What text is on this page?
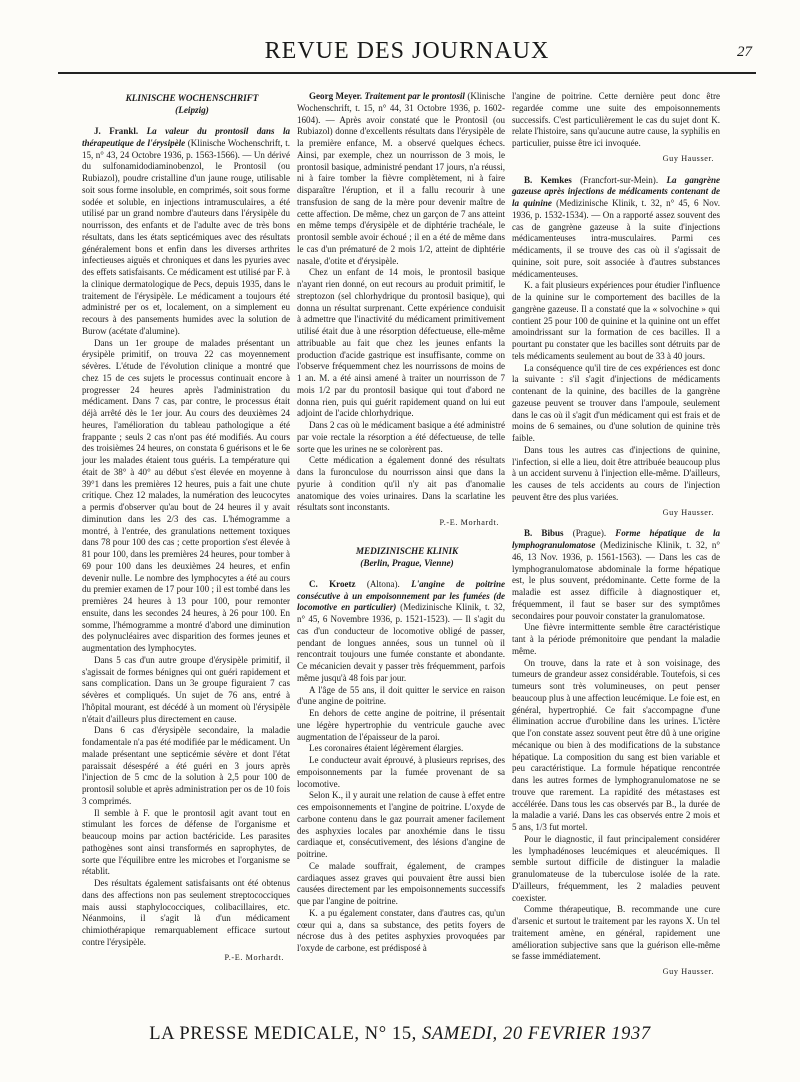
REVUE DES JOURNAUX	27

KLINISCHE WOCHENSCHRIFT

(Leipzig)

J. Frankl. La valeur du prontosil dans la thérapeutique de l'érysipèle (Klinische Wochenschrift, t. 15, n° 43, 24 Octobre 1936, p. 1563-1566). — Un dérivé du sulfonamidodiaminobenzol, le Prontosil (ou Rubiazol), poudre cristalline d'un jaune rouge, utilisable soit sous forme insoluble, en comprimés, soit sous forme sodée et soluble, en injections intramusculaires, a été utilisé par un grand nombre d'auteurs dans l'érysipèle du nourrisson, des enfants et de l'adulte avec de très bons résultats, dans les états septicémiques avec des résultats généralement bons et enfin dans les diverses arthrites infectieuses aiguës et chroniques et dans les pyuries avec des effets satisfaisants. Ce médicament est utilisé par F. à la clinique dermatologique de Pecs, depuis 1935, dans le traitement de l'érysipèle. Le médicament a toujours été administré per os et, localement, on a simplement eu recours à des pansements humides avec la solution de Burow (acétate d'alumine).

Dans un 1er groupe de malades présentant un érysipèle primitif, on trouva 22 cas moyennement sévères. L'étude de l'évolution clinique a montré que chez 15 de ces sujets le processus continuait encore à progresser 24 heures après l'administration du médicament. Dans 7 cas, par contre, le processus était déjà arrêté dès le 1er jour. Au cours des deuxièmes 24 heures, l'amélioration du tableau pathologique a été frappante ; seuls 2 cas n'ont pas été modifiés. Au cours des troisièmes 24 heures, on constata 6 guérisons et le 6e jour les malades étaient tous guéris. La température qui était de 38° à 40° au début s'est élevée en moyenne à 39°1 dans les premières 12 heures, puis a fait une chute critique. Chez 12 malades, la numération des leucocytes a permis d'observer qu'au bout de 24 heures il y avait diminution dans les 2/3 des cas. L'hémogramme a montré, à l'entrée, des granulations nettement toxiques dans 78 pour 100 des cas ; cette proportion s'est élevée à 81 pour 100, dans les premières 24 heures, pour tomber à 69 pour 100 dans les deuxièmes 24 heures, et enfin devenir nulle. Le nombre des lymphocytes a été au cours du premier examen de 17 pour 100 ; il est tombé dans les premières 24 heures à 13 pour 100, pour remonter ensuite, dans les secondes 24 heures, à 26 pour 100. En somme, l'hémogramme a montré d'abord une diminution des polynucléaires avec disparition des formes jeunes et augmentation des lymphocytes.

Dans 5 cas d'un autre groupe d'érysipèle primitif, il s'agissait de formes bénignes qui ont guéri rapidement et sans complication. Dans un 3e groupe figuraient 7 cas sévères et compliqués. Un sujet de 76 ans, entré à l'hôpital mourant, est décédé à un moment où l'érysipèle n'était d'ailleurs plus directement en cause.

Dans 6 cas d'érysipèle secondaire, la maladie fondamentale n'a pas été modifiée par le médicament. Un malade présentant une septicémie sévère et dont l'état paraissait désespéré a été guéri en 3 jours après l'injection de 5 cmc de la solution à 2,5 pour 100 de prontosil soluble et après administration per os de 10 fois 3 comprimés.

Il semble à F. que le prontosil agit avant tout en stimulant les forces de défense de l'organisme et beaucoup moins par action bactéricide. Les parasites pathogènes sont ainsi transformés en saprophytes, de sorte que l'équilibre entre les microbes et l'organisme se rétablit.

Des résultats également satisfaisants ont été obtenus dans des affections non pas seulement streptococciques mais aussi staphylococciques, colibacillaires, etc. Néanmoins, il s'agit là d'un médicament chimiothérapique remarquablement efficace surtout contre l'érysipèle.

P.-E. Morhardt.

Georg Meyer. Traitement par le prontosil (Klinische Wochenschrift, t. 15, n° 44, 31 Octobre 1936, p. 1602-1604). — Après avoir constaté que le Prontosil (ou Rubiazol) donne d'excellents résultats dans l'érysipèle de la première enfance, M. a observé quelques échecs. Ainsi, par exemple, chez un nourrisson de 3 mois, le prontosil basique, administré pendant 17 jours, n'a réussi, ni à faire tomber la fièvre complètement, ni à faire disparaître l'éruption, et il a fallu recourir à une transfusion de sang de la mère pour devenir maître de cette affection. De même, chez un garçon de 7 ans atteint en même temps d'érysipèle et de diphtérie trachéale, le prontosil semble avoir échoué ; il en a été de même dans le cas d'un prématuré de 2 mois 1/2, atteint de diphtérie nasale, d'otite et d'érysipèle.

Chez un enfant de 14 mois, le prontosil basique n'ayant rien donné, on eut recours au produit primitif, le streptozon (sel chlorhydrique du prontosil basique), qui donna un résultat surprenant. Cette expérience conduisit à admettre que l'inactivité du médicament primitivement utilisé était due à une résorption défectueuse, elle-même attribuable au fait que chez les jeunes enfants la production d'acide gastrique est insuffisante, comme on l'observe fréquemment chez les nourrissons de moins de 1 an. M. a été ainsi amené à traiter un nourrisson de 7 mois 1/2 par du prontosil basique qui tout d'abord ne donna rien, puis qui guérit rapidement quand on lui eut adjoint de l'acide chlorhydrique.

Dans 2 cas où le médicament basique a été administré par voie rectale la résorption a été défectueuse, de telle sorte que les urines ne se colorèrent pas.

Cette médication a également donné des résultats dans la furonculose du nourrisson ainsi que dans la pyurie à condition qu'il n'y ait pas d'anomalie anatomique des voies urinaires. Dans la scarlatine les résultats sont inconstants.

P.-E. Morhardt.

MEDIZINISCHE KLINIK

(Berlin, Prague, Vienne)

C. Kroetz (Altona). L'angine de poitrine consécutive à un empoisonnement par les fumées (de locomotive en particulier) (Medizinische Klinik, t. 32, n° 45, 6 Novembre 1936, p. 1521-1523). — Il s'agit du cas d'un conducteur de locomotive obligé de passer, pendant de longues années, sous un tunnel où il rencontrait toujours une fumée constante et abondante. Ce mécanicien devait y passer très fréquemment, parfois même jusqu'à 48 fois par jour.

A l'âge de 55 ans, il doit quitter le service en raison d'une angine de poitrine.

En dehors de cette angine de poitrine, il présentait une légère hypertrophie du ventricule gauche avec augmentation de l'épaisseur de la paroi.

Les coronaires étaient légèrement élargies.

Le conducteur avait éprouvé, à plusieurs reprises, des empoisonnements par la fumée provenant de sa locomotive.

Selon K., il y aurait une relation de cause à effet entre ces empoisonnements et l'angine de poitrine. L'oxyde de carbone contenu dans le gaz pourrait amener facilement des asphyxies locales par anoxhémie dans le tissu cardiaque et, consécutivement, des lésions d'angine de poitrine.

Ce malade souffrait, également, de crampes cardiaques assez graves qui pouvaient être aussi bien causées directement par les empoisonnements successifs que par l'angine de poitrine.

K. a pu également constater, dans d'autres cas, qu'un cœur qui a, dans sa substance, des petits foyers de nécrose dus à des petites asphyxies provoquées par l'oxyde de carbone, est prédisposé à

l'angine de poitrine. Cette dernière peut donc être regardée comme une suite des empoisonnements successifs. C'est particulièrement le cas du sujet dont K. relate l'histoire, sans qu'aucune autre cause, la syphilis en particulier, puisse être ici invoquée.

Guy Hausser.

B. Kemkes (Francfort-sur-Mein). La gangrène gazeuse après injections de médicaments contenant de la quinine (Medizinische Klinik, t. 32, n° 45, 6 Nov. 1936, p. 1532-1534). — On a rapporté assez souvent des cas de gangrène gazeuse à la suite d'injections médicamenteuses intra-musculaires. Parmi ces médicaments, il se trouve des cas où il s'agissait de quinine, soit pure, soit associée à d'autres substances médicamenteuses.

K. a fait plusieurs expériences pour étudier l'influence de la quinine sur le comportement des bacilles de la gangrène gazeuse. Il a constaté que la « solvochine » qui contient 25 pour 100 de quinine et la quinine ont un effet amoindrissant sur la formation de ces bacilles. Il a pourtant pu constater que les bacilles sont détruits par de tels médicaments seulement au bout de 33 à 40 jours.

La conséquence qu'il tire de ces expériences est donc la suivante : s'il s'agit d'injections de médicaments contenant de la quinine, des bacilles de la gangrène gazeuse peuvent se trouver dans l'ampoule, seulement dans le cas où il s'agit d'un médicament qui est frais et de moins de 6 semaines, ou d'une solution de quinine très faible.

Dans tous les autres cas d'injections de quinine, l'infection, si elle a lieu, doit être attribuée beaucoup plus à un accident survenu à l'injection elle-même. D'ailleurs, les causes de tels accidents au cours de l'injection peuvent être des plus variées.

Guy Hausser.

B. Bibus (Prague). Forme hépatique de la lymphogranulomatose (Medizinische Klinik, t. 32, n° 46, 13 Nov. 1936, p. 1561-1563). — Dans les cas de lymphogranulomatose abdominale la forme hépatique est, le plus souvent, prédominante. Cette forme de la maladie est assez difficile à diagnostiquer et, fréquemment, il faut se baser sur des symptômes secondaires pour pouvoir constater la granulomatose.

Une fièvre intermittente semble être caractéristique tant à la période prémonitoire que pendant la maladie même.

On trouve, dans la rate et à son voisinage, des tumeurs de grandeur assez considérable. Toutefois, si ces tumeurs sont très volumineuses, on peut penser beaucoup plus à une affection leucémique. Le foie est, en général, hypertrophié. Ce fait s'accompagne d'une élimination accrue d'urobiline dans les urines. L'ictère que l'on constate assez souvent peut être dû à une origine mécanique ou bien à des modifications de la substance hépatique. La composition du sang est bien variable et peu caractéristique. La formule hépatique rencontrée dans les autres formes de lymphogranulomatose ne se trouve que rarement. La rapidité des métastases est accélérée. Dans tous les cas observés par B., la durée de la maladie a varié. Dans les cas observés entre 2 mois et 5 ans, 1/3 fut mortel.

Pour le diagnostic, il faut principalement considérer les lymphadénoses leucémiques et aleucémiques. Il semble surtout difficile de distinguer la maladie granulomateuse de la tuberculose isolée de la rate. D'ailleurs, fréquemment, les 2 maladies peuvent coexister.

Comme thérapeutique, B. recommande une cure d'arsenic et surtout le traitement par les rayons X. Un tel traitement amène, en général, rapidement une amélioration subjective sans que la guérison elle-même se fasse immédiatement.

Guy Hausser.

LA PRESSE MEDICALE, N° 15, SAMEDI, 20 FEVRIER 1937
